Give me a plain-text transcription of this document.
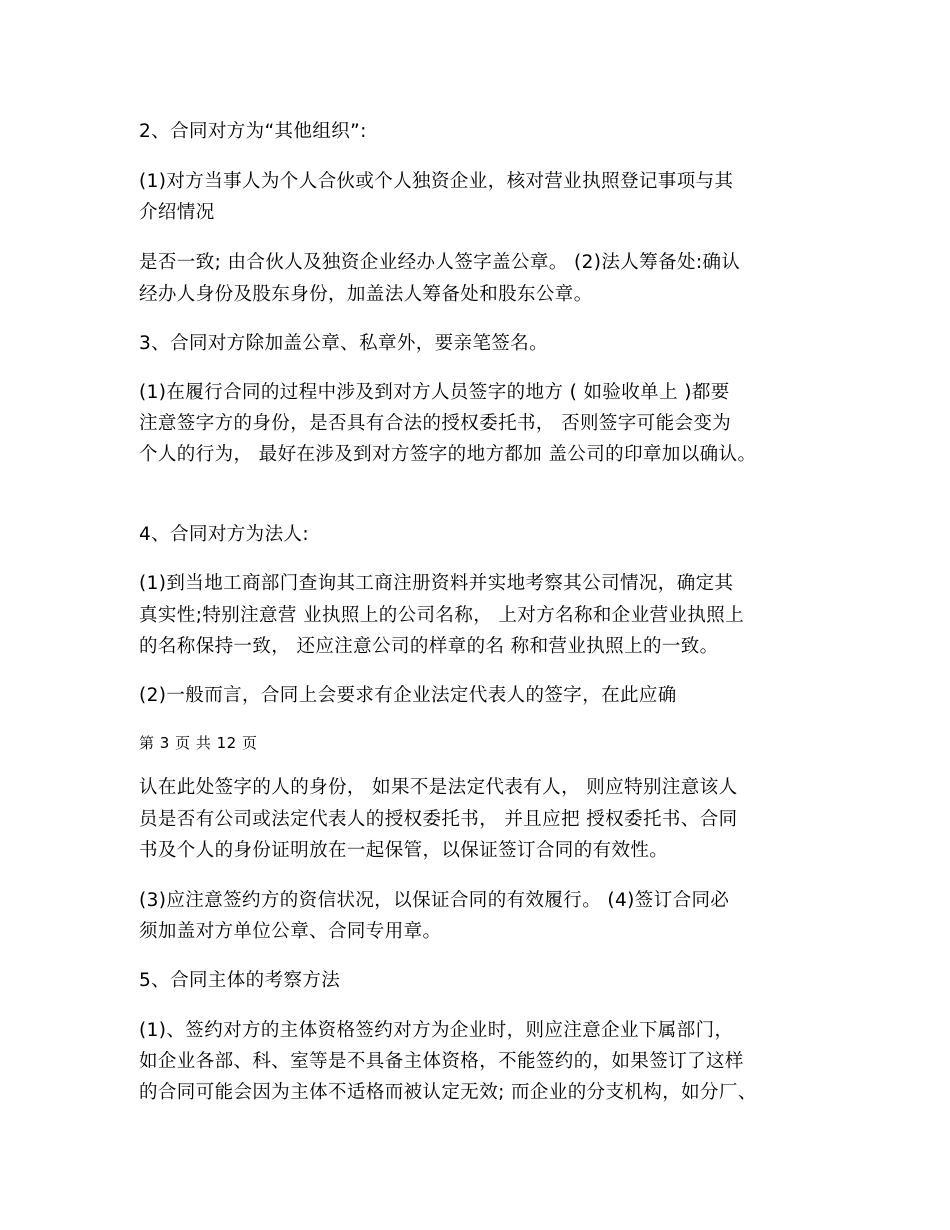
2、合同对方为“其他组织”:
(1)对方当事人为个人合伙或个人独资企业，核对营业执照登记事项与其
介绍情况
是否一致; 由合伙人及独资企业经办人签字盖公章。 (2)法人筹备处:确认
经办人身份及股东身份，加盖法人筹备处和股东公章。
3、合同对方除加盖公章、私章外，要亲笔签名。
(1)在履行合同的过程中涉及到对方人员签字的地方 ( 如验收单上 )都要
注意签字方的身份，是否具有合法的授权委托书， 否则签字可能会变为
个人的行为， 最好在涉及到对方签字的地方都加 盖公司的印章加以确认。
4、合同对方为法人:
(1)到当地工商部门查询其工商注册资料并实地考察其公司情况，确定其
真实性;特别注意营 业执照上的公司名称， 上对方名称和企业营业执照上
的名称保持一致， 还应注意公司的样章的名 称和营业执照上的一致。
(2)一般而言，合同上会要求有企业法定代表人的签字，在此应确
第 3 页 共 12 页
认在此处签字的人的身份， 如果不是法定代表有人， 则应特别注意该人
员是否有公司或法定代表人的授权委托书， 并且应把 授权委托书、合同
书及个人的身份证明放在一起保管，以保证签订合同的有效性。
(3)应注意签约方的资信状况，以保证合同的有效履行。 (4)签订合同必
须加盖对方单位公章、合同专用章。
5、合同主体的考察方法
(1)、签约对方的主体资格签约对方为企业时，则应注意企业下属部门，
如企业各部、科、室等是不具备主体资格，不能签约的，如果签订了这样
的合同可能会因为主体不适格而被认定无效; 而企业的分支机构，如分厂、
